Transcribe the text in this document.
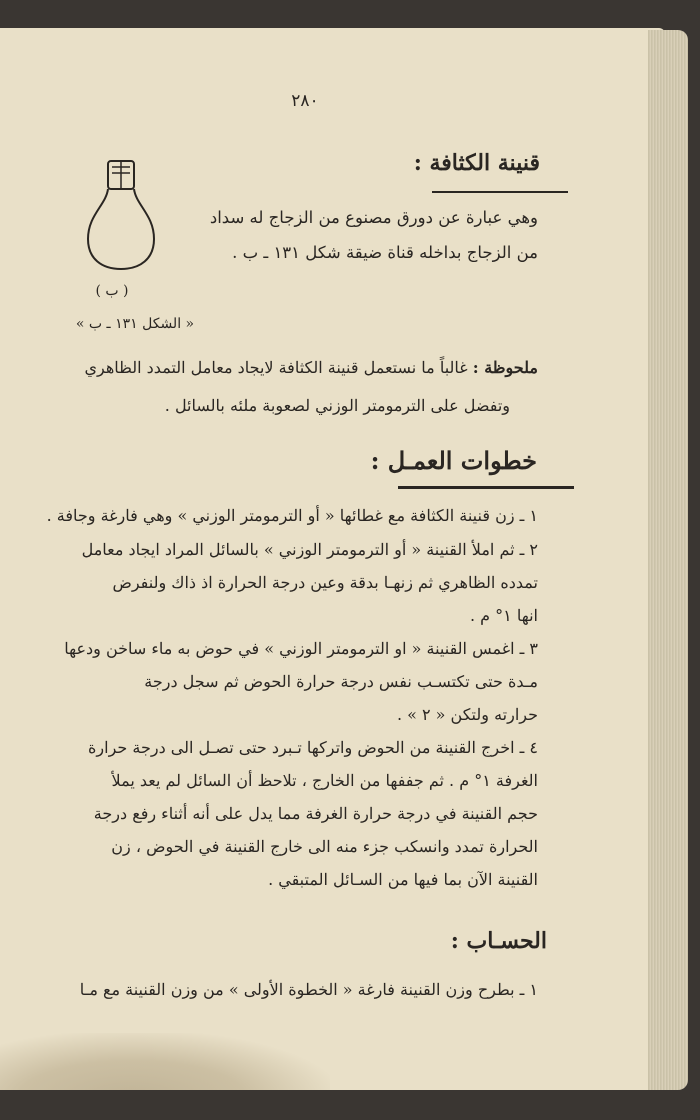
٢٨٠
قنينة الكثافة :
وهي عبارة عن دورق مصنوع من الزجاج له سداد
من الزجاج بداخله قناة ضيقة شكل ١٣١ ـ ب .
( ب )
« الشكل ١٣١ ـ ب »
ملحوظة : غالباً ما نستعمل قنينة الكثافة لايجاد معامل التمدد الظاهري
وتفضل على الترمومتر الوزني لصعوبة ملئه بالسائل .
خطوات العمـل :
١ ـ زن قنينة الكثافة مع غطائها « أو الترمومتر الوزني » وهي فارغة وجافة .
٢ ـ ثم املأ القنينة « أو الترمومتر الوزني » بالسائل المراد ايجاد معامل
تمدده الظاهري ثم زنهـا بدقة وعين درجة الحرارة اذ ذاك ولنفرض
انها ١° م .
٣ ـ اغمس القنينة « او الترمومتر الوزني » في حوض به ماء ساخن ودعها
مـدة حتى تكتسـب نفس درجة حرارة الحوض ثم سجل درجة
حرارته ولتكن « ٢ » .
٤ ـ اخرج القنينة من الحوض واتركها تـبرد حتى تصـل الى درجة حرارة
الغرفة ١° م . ثم جففها من الخارج ، تلاحظ أن السائل لم يعد يملأ
حجم القنينة في درجة حرارة الغرفة مما يدل على أنه أثناء رفع درجة
الحرارة تمدد وانسكب جزء منه الى خارج القنينة في الحوض ، زن
القنينة الآن بما فيها من السـائل المتبقي .
الحسـاب :
١ ـ بطرح وزن القنينة فارغة « الخطوة الأولى » من وزن القنينة مع مـا
